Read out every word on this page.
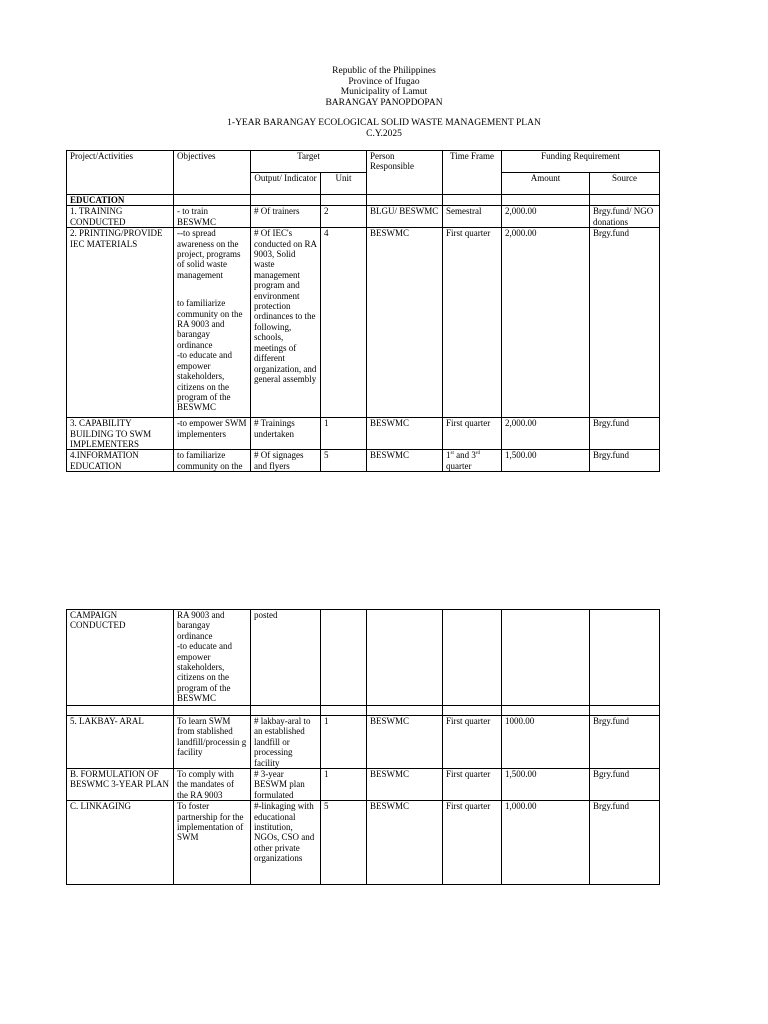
Republic of the Philippines
Province of Ifugao
Municipality of Lamut
BARANGAY PANOPDOPAN
1-YEAR BARANGAY ECOLOGICAL SOLID WASTE MANAGEMENT PLAN
C.Y.2025
Project/Activities	Objectives	Target		Person Responsible	Time Frame	Funding Requirement	
		Output/ Indicator	Unit			Amount	Source
EDUCATION							
1. TRAINING CONDUCTED	- to train BESWMC	# Of trainers	2	BLGU/ BESWMC	Semestral	2,000.00	Brgy.fund/ NGO donations
2. PRINTING/PROVIDE IEC MATERIALS	--to spread awareness on the project, programs of solid waste management
to familiarize community on the RA 9003 and barangay ordinance
-to educate and empower stakeholders, citizens on the program of the BESWMC	# Of IEC's conducted on RA 9003, Solid waste management program and environment protection ordinances to the following, schools, meetings of different organization, and general assembly	4	BESWMC	First quarter	2,000.00	Brgy.fund
3. CAPABILITY BUILDING TO SWM IMPLEMENTERS	-to empower SWM implementers	# Trainings undertaken	1	BESWMC	First quarter	2,000.00	Brgy.fund
4.INFORMATION EDUCATION	to familiarize community on the	# Of signages and flyers	5	BESWMC	1st and 3rd quarter	1,500.00	Brgy.fund
CAMPAIGN CONDUCTED	RA 9003 and barangay ordinance
-to educate and empower stakeholders, citizens on the program of the BESWMC	posted					

5. LAKBAY- ARAL	To learn SWM from stablished landfill/processin g facility	# lakbay-aral to an established landfill or processing facility	1	BESWMC	First quarter	1000.00	Brgy.fund
B. FORMULATION OF BESWMC 3-YEAR PLAN	To comply with the mandates of the RA 9003	# 3-year BESWM plan formulated	1	BESWMC	First quarter	1,500.00	Bgry.fund
C. LINKAGING	To foster partnership for the implementation of SWM	#-linkaging with educational institution, NGOs, CSO and other private organizations	5	BESWMC	First quarter	1,000.00	Brgy.fund
